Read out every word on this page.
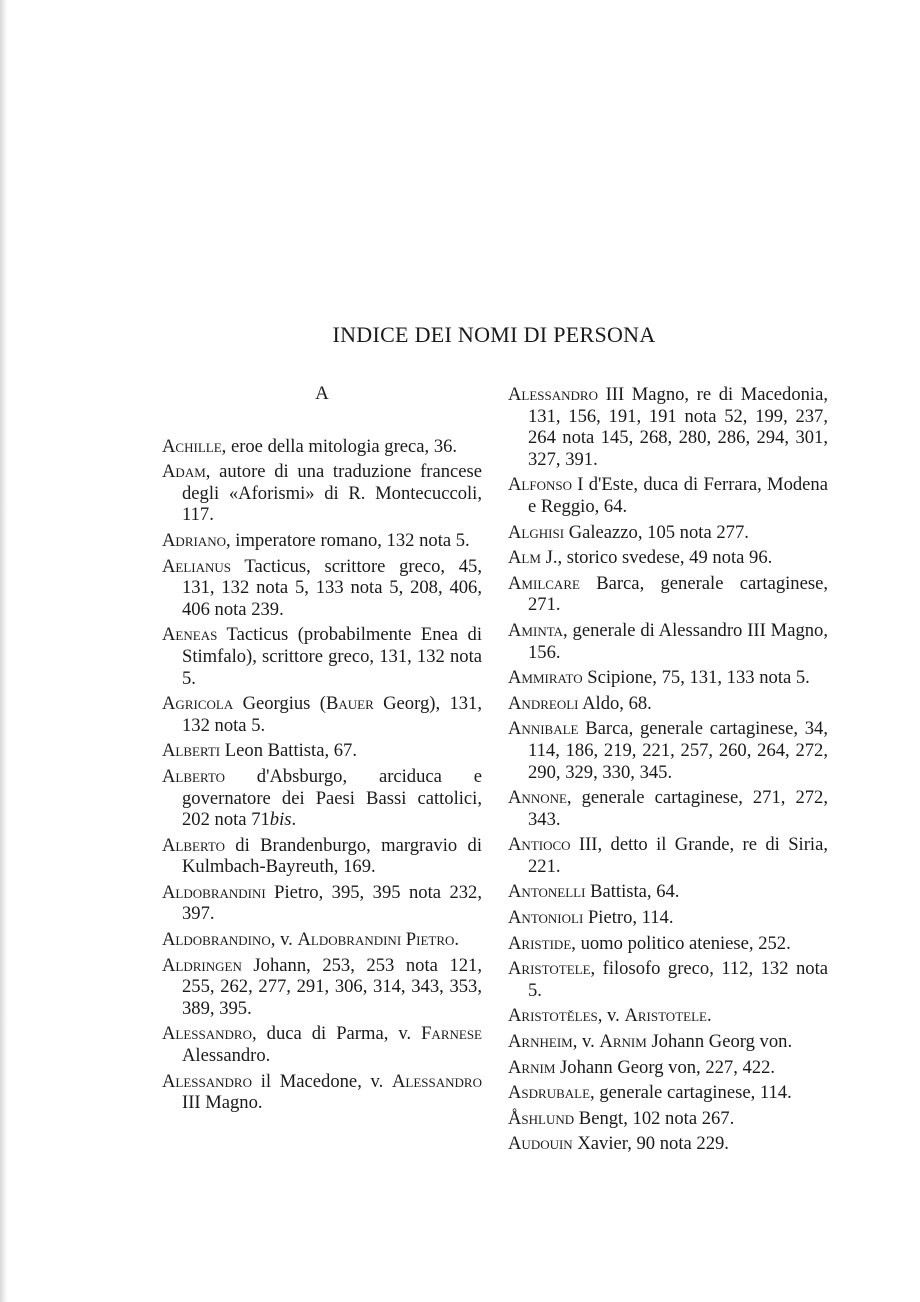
INDICE DEI NOMI DI PERSONA
A
Achille, eroe della mitologia greca, 36.
Adam, autore di una traduzione francese degli «Aforismi» di R. Montecuccoli, 117.
Adriano, imperatore romano, 132 nota 5.
Aelianus Tacticus, scrittore greco, 45, 131, 132 nota 5, 133 nota 5, 208, 406, 406 nota 239.
Aeneas Tacticus (probabilmente Enea di Stimfalo), scrittore greco, 131, 132 nota 5.
Agricola Georgius (Bauer Georg), 131, 132 nota 5.
Alberti Leon Battista, 67.
Alberto d'Absburgo, arciduca e governatore dei Paesi Bassi cattolici, 202 nota 71bis.
Alberto di Brandenburgo, margravio di Kulmbach-Bayreuth, 169.
Aldobrandini Pietro, 395, 395 nota 232, 397.
Aldobrandino, v. Aldobrandini Pietro.
Aldringen Johann, 253, 253 nota 121, 255, 262, 277, 291, 306, 314, 343, 353, 389, 395.
Alessandro, duca di Parma, v. Farnese Alessandro.
Alessandro il Macedone, v. Alessandro III Magno.
Alessandro III Magno, re di Macedonia, 131, 156, 191, 191 nota 52, 199, 237, 264 nota 145, 268, 280, 286, 294, 301, 327, 391.
Alfonso I d'Este, duca di Ferrara, Modena e Reggio, 64.
Alghisi Galeazzo, 105 nota 277.
Alm J., storico svedese, 49 nota 96.
Amilcare Barca, generale cartaginese, 271.
Aminta, generale di Alessandro III Magno, 156.
Ammirato Scipione, 75, 131, 133 nota 5.
Andreoli Aldo, 68.
Annibale Barca, generale cartaginese, 34, 114, 186, 219, 221, 257, 260, 264, 272, 290, 329, 330, 345.
Annone, generale cartaginese, 271, 272, 343.
Antioco III, detto il Grande, re di Siria, 221.
Antonelli Battista, 64.
Antonioli Pietro, 114.
Aristide, uomo politico ateniese, 252.
Aristotele, filosofo greco, 112, 132 nota 5.
Aristotěles, v. Aristotele.
Arnheim, v. Arnim Johann Georg von.
Arnim Johann Georg von, 227, 422.
Asdrubale, generale cartaginese, 114.
Åshlund Bengt, 102 nota 267.
Audouin Xavier, 90 nota 229.
